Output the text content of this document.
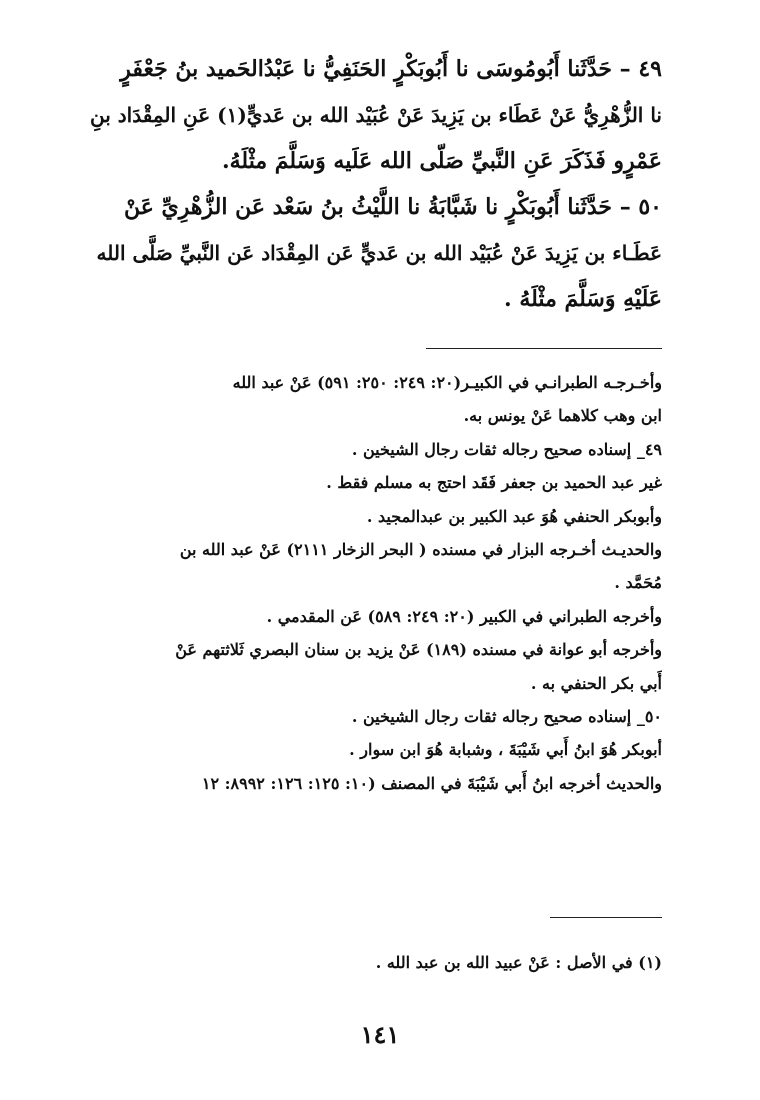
٤٩ – حَدَّثَنا أَبُومُوسَى نا أَبُوبَكْرٍ الحَنَفِيُّ نا عَبْدُالحَميد بنُ جَعْفَرٍ
نا الزُّهْرِيُّ عَنْ عَطَاء بن يَزِيدَ عَنْ عُبَيْد الله بن عَديٍّ(١) عَنِ المِقْدَاد بنِ
عَمْرٍو فَذَكَرَ عَنِ النَّبيِّ صَلّى الله عَلَيه وَسَلَّمَ مثْلَهُ.
٥٠ – حَدَّثَنا أَبُوبَكْرٍ نا شَبَّابَةُ نا اللَّيْثُ بنُ سَعْد عَن الزُّهْرِيِّ عَنْ
عَطَـاء بن يَزِيدَ عَنْ عُبَيْد الله بن عَديٍّ عَن المِقْدَاد عَن النَّبيِّ صَلَّى الله
عَلَيْهِ وَسَلَّمَ مثْلَهُ .
وأخـرجـه الطبرانـي في الكبيـر(٢٠: ٢٤٩: ٢٥٠: ٥٩١) عَنْ عبد الله
ابن وهب كلاهما عَنْ يونس به.
٤٩_ إسناده صحيح رجاله ثقات رجال الشيخين .
غير عبد الحميد بن جعفر فَقَد احتج به مسلم فقط .
وأبوبكر الحنفي هُوَ عبد الكبير بن عبدالمجيد .
والحديـث أخـرجه البزار في مسنده ( البحر الزخار ٢١١١) عَنْ عبد الله بن
مُحَمَّد .
وأخرجه الطبراني في الكبير (٢٠: ٢٤٩: ٥٨٩) عَن المقدمي .
وأخرجه أبو عوانة في مسنده (١٨٩) عَنْ يزيد بن سنان البصري ثَلاثتهم عَنْ
أَبي بكر الحنفي به .
٥٠_ إسناده صحيح رجاله ثقات رجال الشيخين .
أبوبكر هُوَ ابنُ أَبي شَيْبَةَ ، وشبابة هُوَ ابن سوار .
والحديث أخرجه ابنُ أَبي شَيْبَةَ في المصنف (١٠: ١٢٥: ١٢٦: ٨٩٩٢: ١٢
(١) في الأصل : عَنْ عبيد الله بن عبد الله .
١٤١
